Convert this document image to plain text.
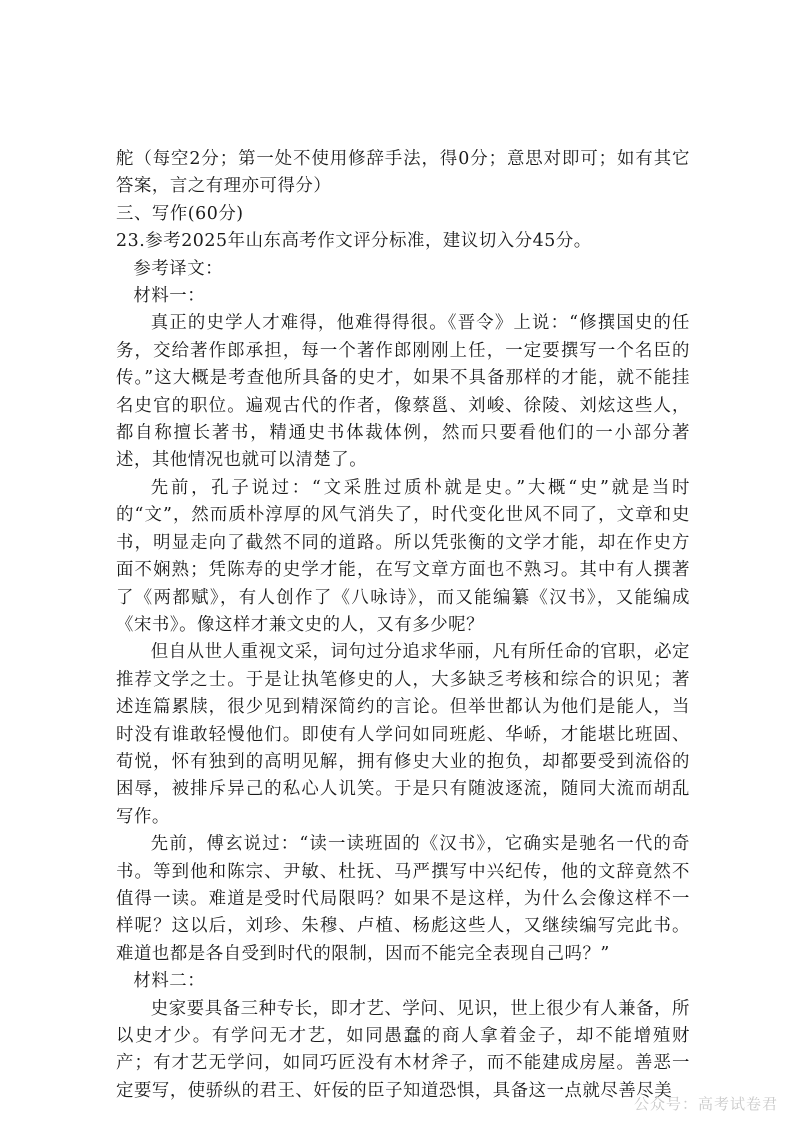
舵（每空2分；第一处不使用修辞手法，得0分；意思对即可；如有其它答案，言之有理亦可得分）

三、写作(60分)

23.参考2025年山东高考作文评分标准，建议切入分45分。

参考译文：

材料一：

真正的史学人才难得，他难得得很。《晋令》上说：“修撰国史的任务，交给著作郎承担，每一个著作郎刚刚上任，一定要撰写一个名臣的传。”这大概是考查他所具备的史才，如果不具备那样的才能，就不能挂名史官的职位。遍观古代的作者，像蔡邕、刘峻、徐陵、刘炫这些人，都自称擅长著书，精通史书体裁体例，然而只要看他们的一小部分著述，其他情况也就可以清楚了。

先前，孔子说过：“文采胜过质朴就是史。”大概“史”就是当时的“文”，然而质朴淳厚的风气消失了，时代变化世风不同了，文章和史书，明显走向了截然不同的道路。所以凭张衡的文学才能，却在作史方面不娴熟；凭陈寿的史学才能，在写文章方面也不熟习。其中有人撰著了《两都赋》，有人创作了《八咏诗》，而又能编纂《汉书》，又能编成《宋书》。像这样才兼文史的人，又有多少呢？

但自从世人重视文采，词句过分追求华丽，凡有所任命的官职，必定推荐文学之士。于是让执笔修史的人，大多缺乏考核和综合的识见；著述连篇累牍，很少见到精深简约的言论。但举世都认为他们是能人，当时没有谁敢轻慢他们。即使有人学问如同班彪、华峤，才能堪比班固、荀悦，怀有独到的高明见解，拥有修史大业的抱负，却都要受到流俗的困辱，被排斥异己的私心人讥笑。于是只有随波逐流，随同大流而胡乱写作。

先前，傅玄说过：“读一读班固的《汉书》，它确实是驰名一代的奇书。等到他和陈宗、尹敏、杜抚、马严撰写中兴纪传，他的文辞竟然不值得一读。难道是受时代局限吗？如果不是这样，为什么会像这样不一样呢？这以后，刘珍、朱穆、卢植、杨彪这些人，又继续编写完此书。难道也都是各自受到时代的限制，因而不能完全表现自己吗？”

材料二：

史家要具备三种专长，即才艺、学问、见识，世上很少有人兼备，所以史才少。有学问无才艺，如同愚蠢的商人拿着金子，却不能增殖财产；有才艺无学问，如同巧匠没有木材斧子，而不能建成房屋。善恶一定要写，使骄纵的君王、奸佞的臣子知道恐惧，具备这一点就尽善尽美

公众号：高考试卷君
